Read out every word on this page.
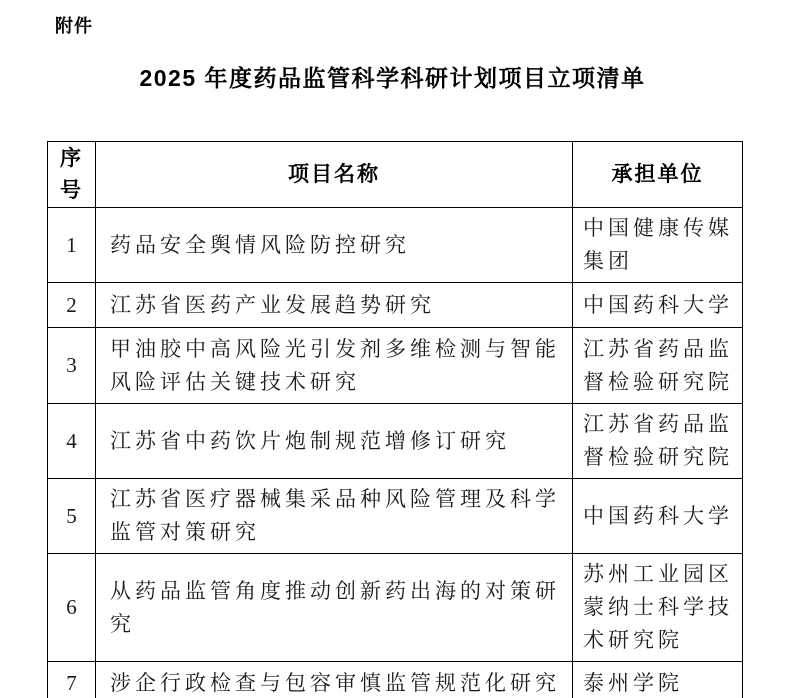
附件
2025 年度药品监管科学科研计划项目立项清单
序号	项目名称	承担单位
1	药品安全舆情风险防控研究	中国健康传媒集团
2	江苏省医药产业发展趋势研究	中国药科大学
3	甲油胶中高风险光引发剂多维检测与智能风险评估关键技术研究	江苏省药品监督检验研究院
4	江苏省中药饮片炮制规范增修订研究	江苏省药品监督检验研究院
5	江苏省医疗器械集采品种风险管理及科学监管对策研究	中国药科大学
6	从药品监管角度推动创新药出海的对策研究	苏州工业园区蒙纳士科学技术研究院
7	涉企行政检查与包容审慎监管规范化研究	泰州学院
